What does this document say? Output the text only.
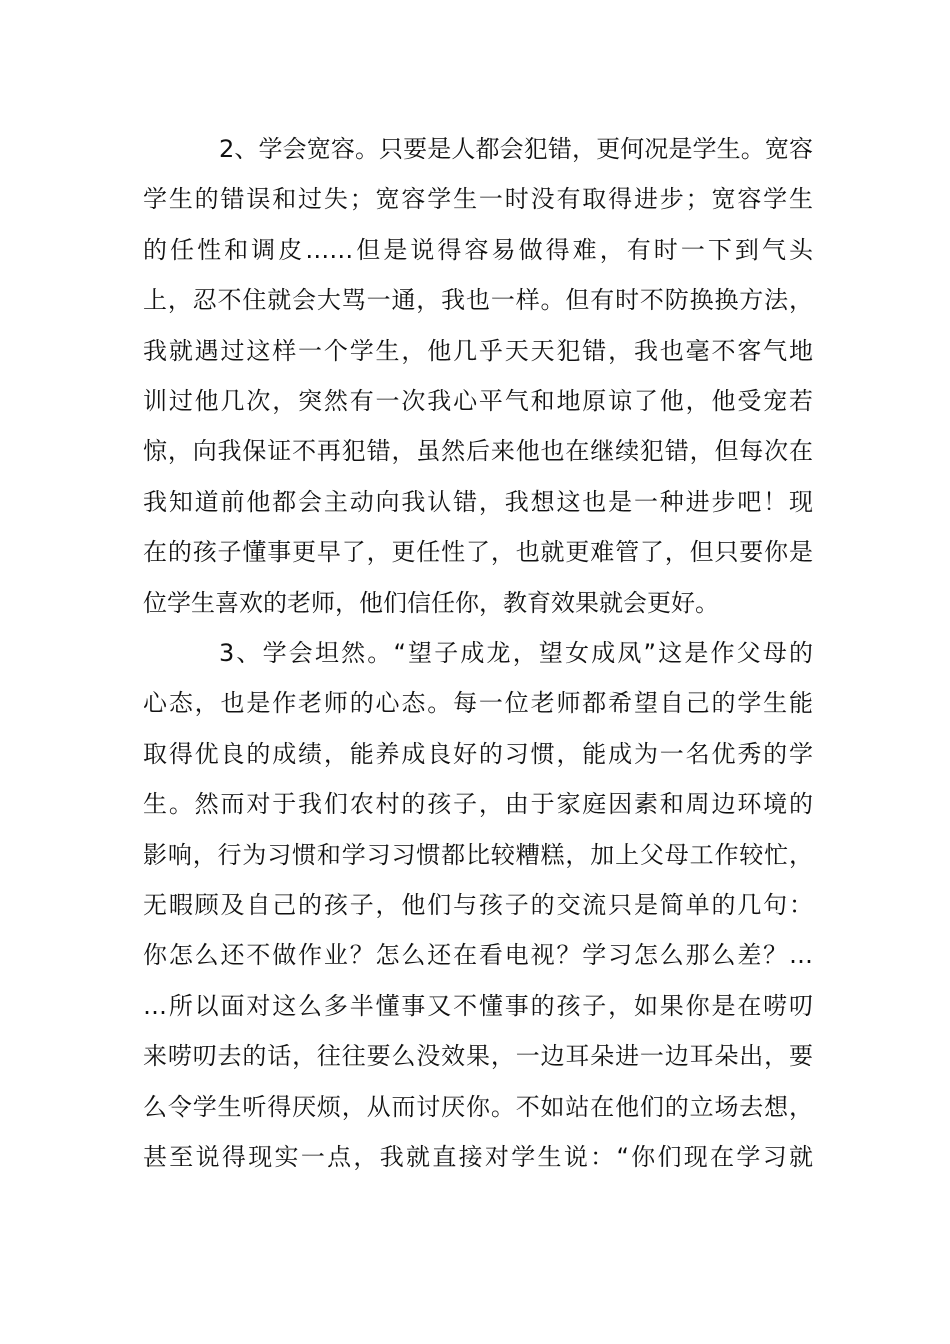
2、学会宽容。只要是人都会犯错，更何况是学生。宽容
学生的错误和过失；宽容学生一时没有取得进步；宽容学生
的任性和调皮……但是说得容易做得难，有时一下到气头
上，忍不住就会大骂一通，我也一样。但有时不防换换方法，
我就遇过这样一个学生，他几乎天天犯错，我也毫不客气地
训过他几次，突然有一次我心平气和地原谅了他，他受宠若
惊，向我保证不再犯错，虽然后来他也在继续犯错，但每次在
我知道前他都会主动向我认错，我想这也是一种进步吧！现
在的孩子懂事更早了，更任性了，也就更难管了，但只要你是
位学生喜欢的老师，他们信任你，教育效果就会更好。
3、学会坦然。“望子成龙，望女成凤”这是作父母的
心态，也是作老师的心态。每一位老师都希望自己的学生能
取得优良的成绩，能养成良好的习惯，能成为一名优秀的学
生。然而对于我们农村的孩子，由于家庭因素和周边环境的
影响，行为习惯和学习习惯都比较糟糕，加上父母工作较忙，
无暇顾及自己的孩子，他们与孩子的交流只是简单的几句：
你怎么还不做作业？怎么还在看电视？学习怎么那么差？…
…所以面对这么多半懂事又不懂事的孩子，如果你是在唠叨
来唠叨去的话，往往要么没效果，一边耳朵进一边耳朵出，要
么令学生听得厌烦，从而讨厌你。不如站在他们的立场去想，
甚至说得现实一点，我就直接对学生说：“你们现在学习就
